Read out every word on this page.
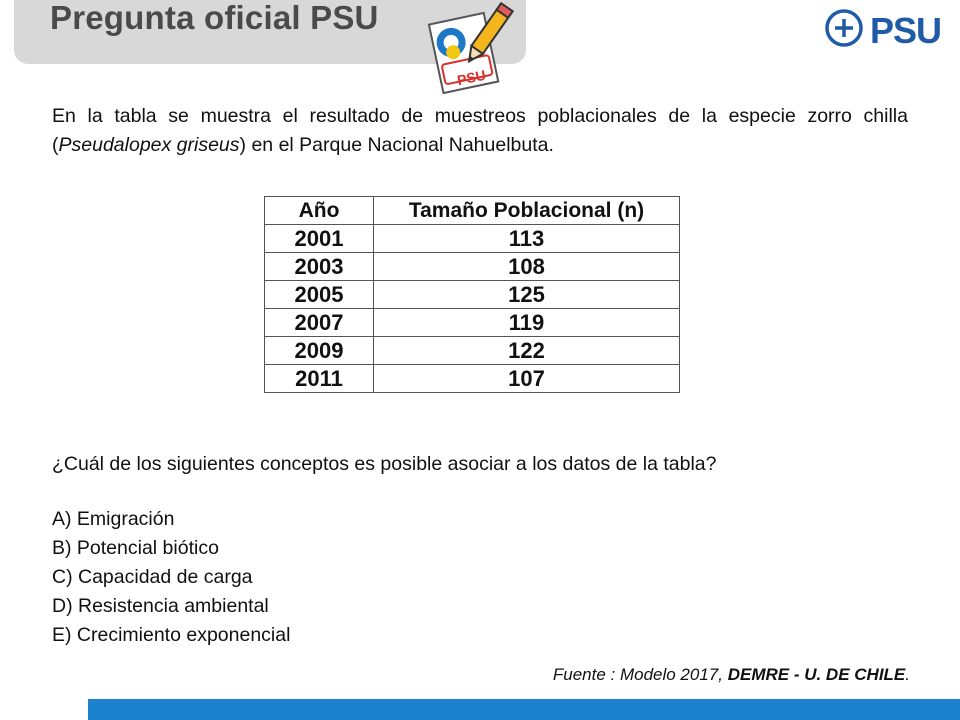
Pregunta oficial PSU
PSU
PSU
En la tabla se muestra el resultado de muestreos poblacionales de la especie zorro chilla (Pseudalopex griseus) en el Parque Nacional Nahuelbuta.
Año	Tamaño Poblacional (n)
2001	113
2003	108
2005	125
2007	119
2009	122
2011	107
¿Cuál de los siguientes conceptos es posible asociar a los datos de la tabla?
A) Emigración
B) Potencial biótico
C) Capacidad de carga
D) Resistencia ambiental
E) Crecimiento exponencial
Fuente : Modelo 2017, DEMRE - U. DE CHILE.
